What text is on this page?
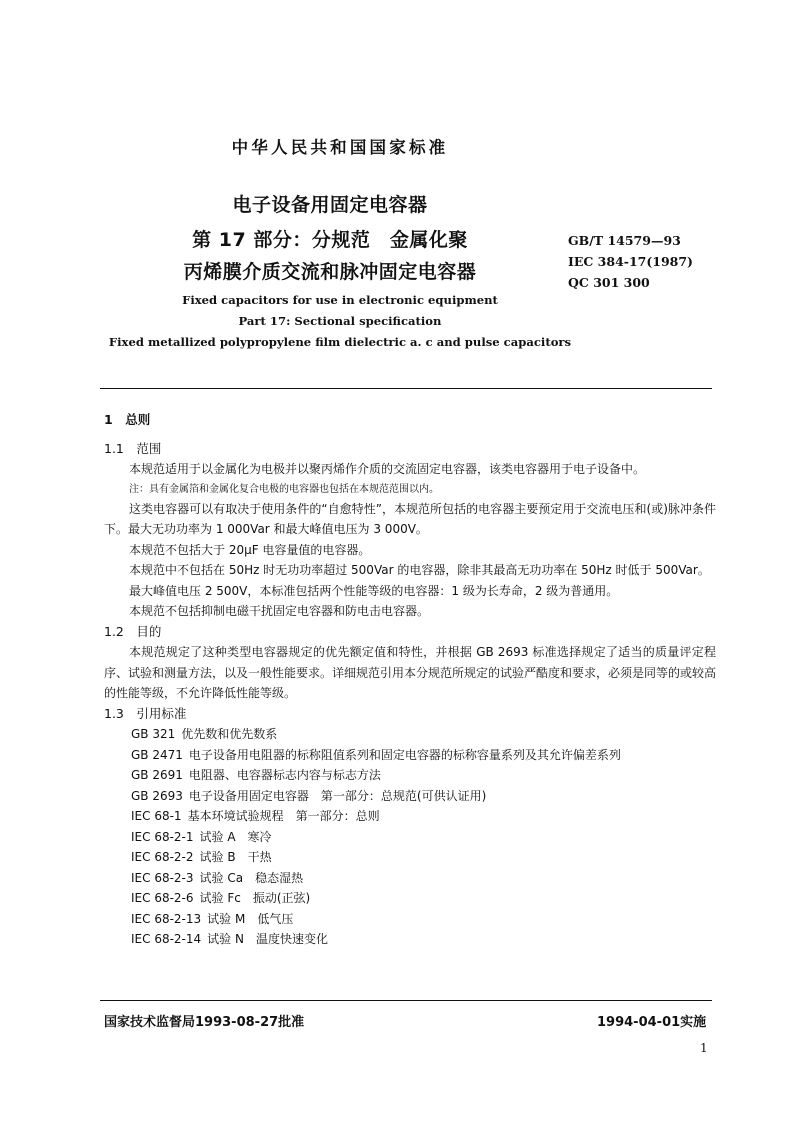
中华人民共和国国家标准
电子设备用固定电容器
第 17 部分：分规范　金属化聚
丙烯膜介质交流和脉冲固定电容器
GB/T 14579—93
IEC 384-17(1987)
QC 301 300
Fixed capacitors for use in electronic equipment
Part 17: Sectional specification
Fixed metallized polypropylene film dielectric a. c and pulse capacitors

1　总则

1.1　范围

本规范适用于以金属化为电极并以聚丙烯作介质的交流固定电容器，该类电容器用于电子设备中。

注：具有金属箔和金属化复合电极的电容器也包括在本规范范围以内。

这类电容器可以有取决于使用条件的“自愈特性”，本规范所包括的电容器主要预定用于交流电压和(或)脉冲条件下。最大无功功率为 1 000Var 和最大峰值电压为 3 000V。

本规范不包括大于 20μF 电容量值的电容器。

本规范中不包括在 50Hz 时无功功率超过 500Var 的电容器，除非其最高无功功率在 50Hz 时低于 500Var。

最大峰值电压 2 500V，本标准包括两个性能等级的电容器：1 级为长寿命，2 级为普通用。

本规范不包括抑制电磁干扰固定电容器和防电击电容器。

1.2　目的

本规范规定了这种类型电容器规定的优先额定值和特性，并根据 GB 2693 标准选择规定了适当的质量评定程序、试验和测量方法，以及一般性能要求。详细规范引用本分规范所规定的试验严酷度和要求，必须是同等的或较高的性能等级，不允许降低性能等级。

1.3　引用标准

GB 321  优先数和优先数系

GB 2471  电子设备用电阻器的标称阻值系列和固定电容器的标称容量系列及其允许偏差系列

GB 2691  电阻器、电容器标志内容与标志方法

GB 2693  电子设备用固定电容器　第一部分：总规范(可供认证用)

IEC 68-1  基本环境试验规程　第一部分：总则

IEC 68-2-1  试验 A　寒冷

IEC 68-2-2  试验 B　干热

IEC 68-2-3  试验 Ca　稳态湿热

IEC 68-2-6  试验 Fc　振动(正弦)

IEC 68-2-13  试验 M　低气压

IEC 68-2-14  试验 N　温度快速变化

国家技术监督局1993-08-27批准	1994-04-01实施
1
